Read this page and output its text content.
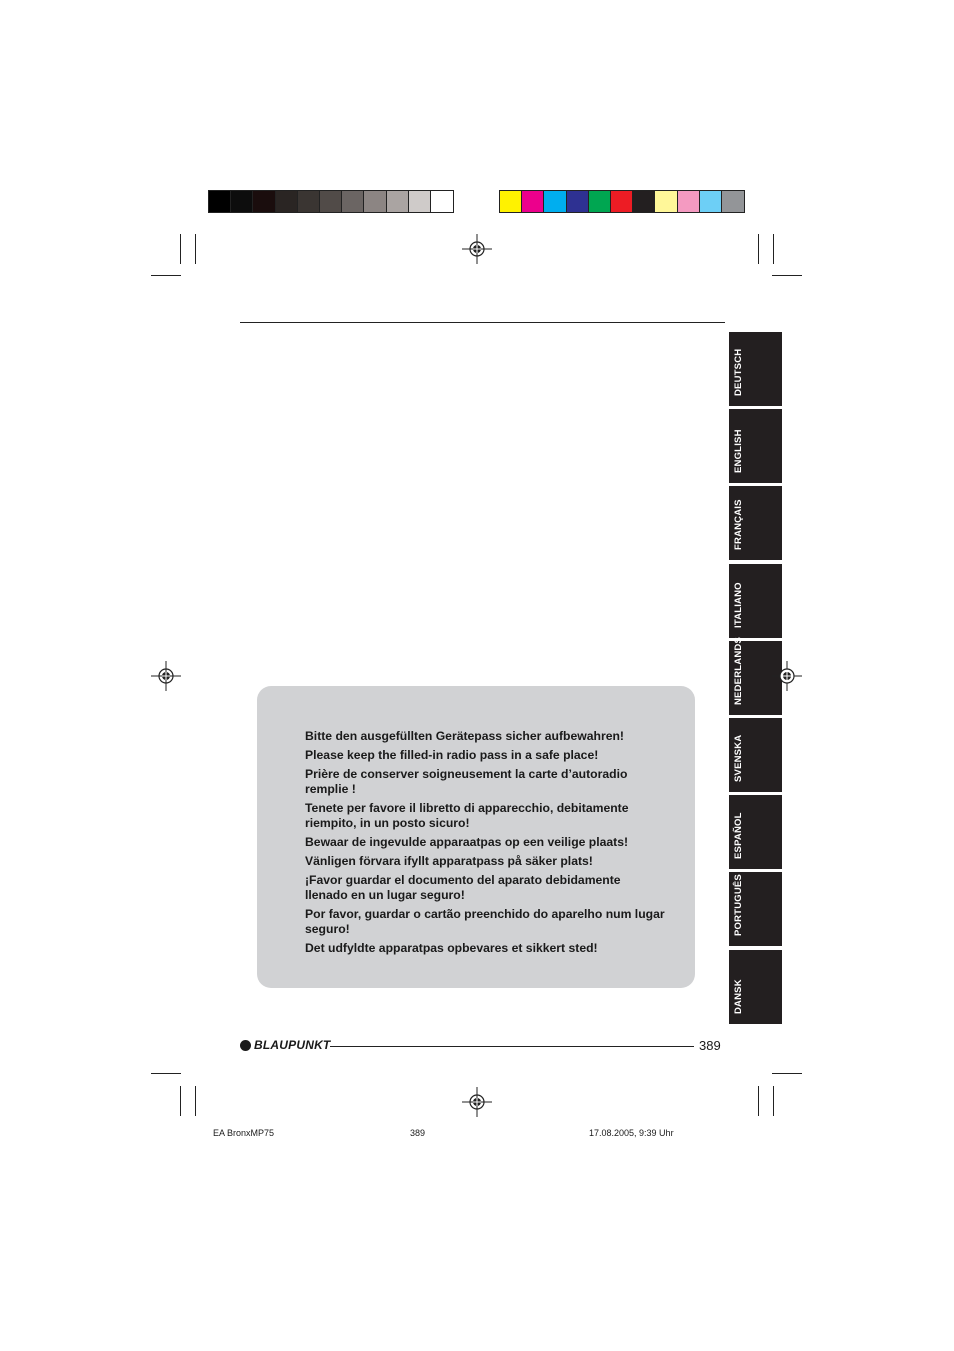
DEUTSCH
ENGLISH
FRANÇAIS
ITALIANO
NEDERLANDS
SVENSKA
ESPAÑOL
PORTUGUÊS
DANSK
Bitte den ausgefüllten Gerätepass sicher aufbewahren!
Please keep the filled-in radio pass in a safe place!
Prière de conserver soigneusement la carte d’autoradio remplie !
Tenete per favore il libretto di apparecchio, debitamente riempito, in un posto sicuro!
Bewaar de ingevulde apparaatpas op een veilige plaats!
Vänligen förvara ifyllt apparatpass på säker plats!
¡Favor guardar el documento del aparato debidamente llenado en un lugar seguro!
Por favor, guardar o cartão preenchido do aparelho num lugar seguro!
Det udfyldte apparatpas opbevares et sikkert sted!
BLAUPUNKT	389
EA BronxMP75	389	17.08.2005, 9:39 Uhr
